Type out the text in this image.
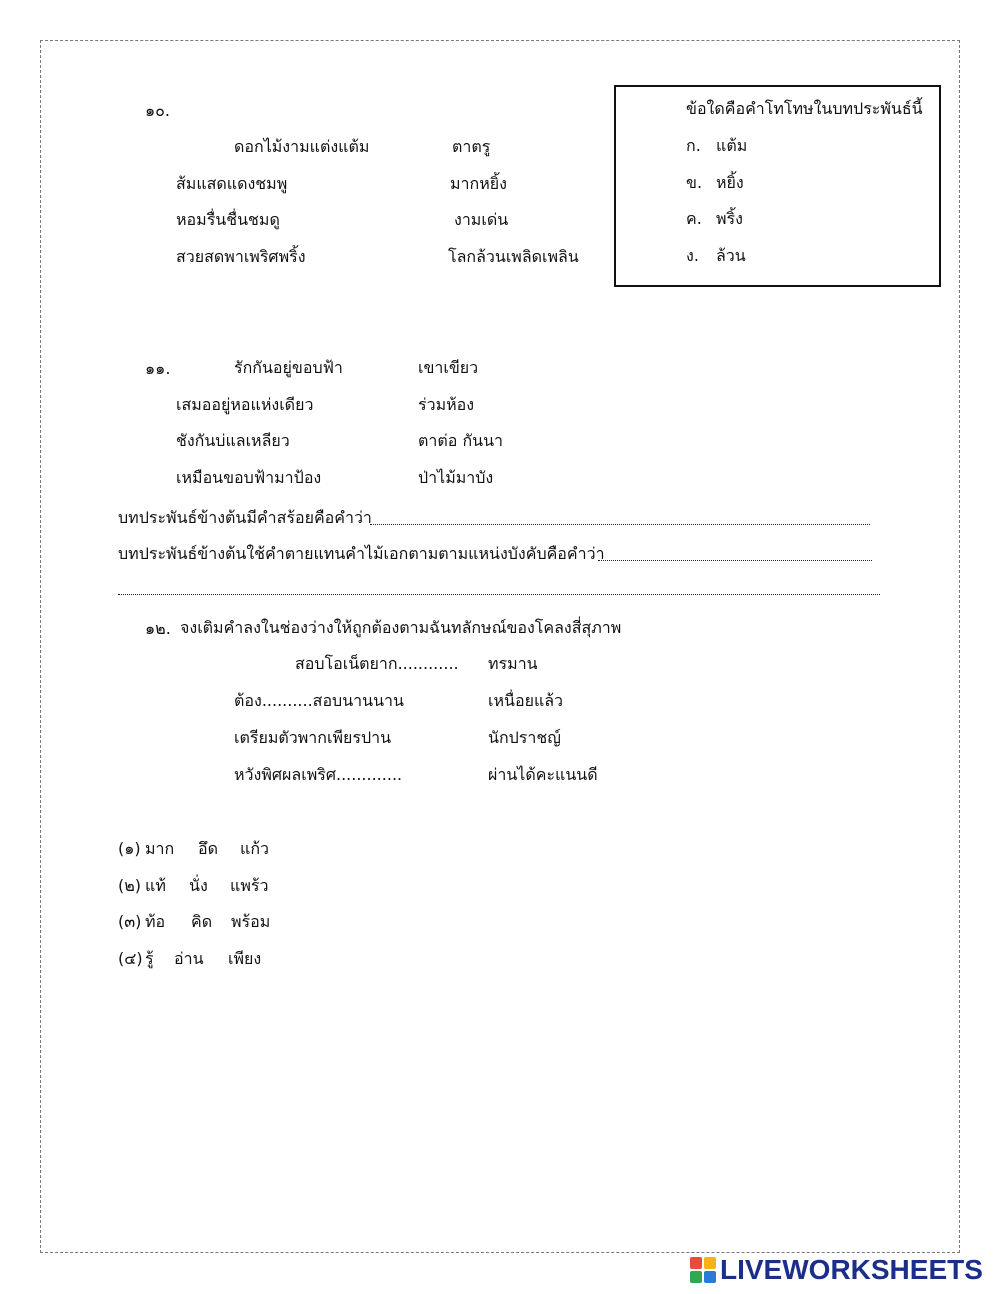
๑๐.
ดอกไม้งามแต่งแต้ม	ตาตรู
ส้มแสดแดงชมพู	มากหยิ้ง
หอมรื่นชื่นชมดู	งามเด่น
สวยสดพาเพริศพริ้ง	โลกล้วนเพลิดเพลิน
ข้อใดคือคำโทโทษในบทประพันธ์นี้
ก. แต้ม
ข. หยิ้ง
ค. พริ้ง
ง. ล้วน
๑๑.	รักกันอยู่ขอบฟ้า	เขาเขียว
เสมออยู่หอแห่งเดียว	ร่วมห้อง
ชังกันบ่แลเหลียว	ตาต่อ กันนา
เหมือนขอบฟ้ามาป้อง	ป่าไม้มาบัง
บทประพันธ์ข้างต้นมีคำสร้อยคือคำว่า
บทประพันธ์ข้างต้นใช้คำตายแทนคำไม้เอกตามตามแหน่งบังคับคือคำว่า
๑๒. จงเติมคำลงในช่องว่างให้ถูกต้องตามฉันทลักษณ์ของโคลงสี่สุภาพ
สอบโอเน็ตยาก............ ทรมาน
ต้อง..........สอบนานนาน	เหนื่อยแล้ว
เตรียมตัวพากเพียรปาน	นักปราชญ์
หวังพิศผลเพริศ.............	ผ่านได้คะแนนดี
(๑) มาก อึด แก้ว
(๒) แท้ นั่ง แพร้ว
(๓) ท้อ คิด พร้อม
(๔) รู้ อ่าน เพียง
LIVEWORKSHEETS
